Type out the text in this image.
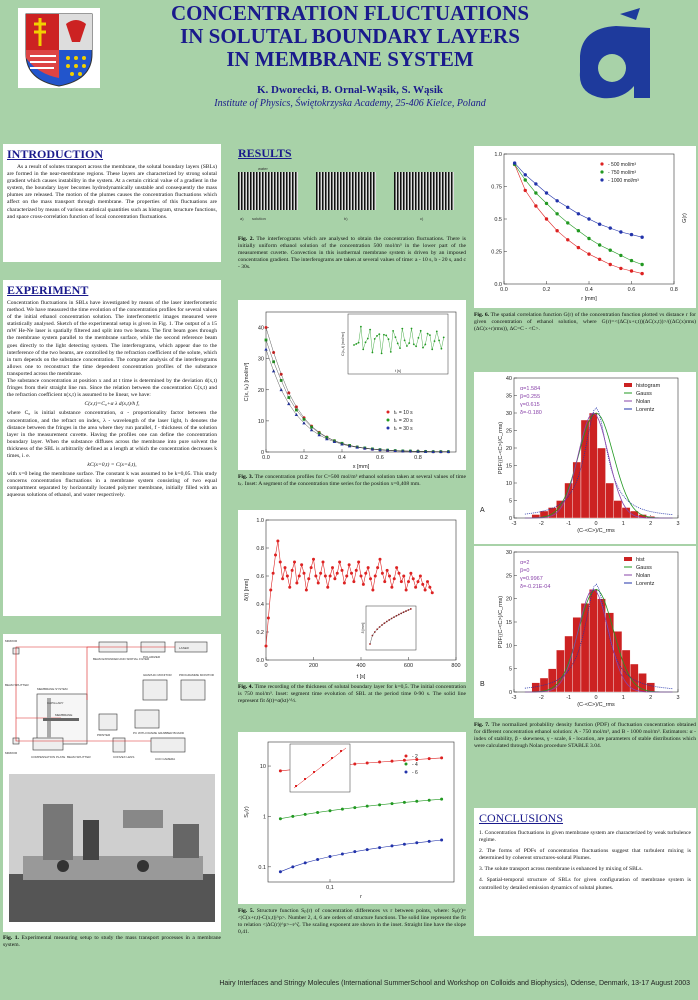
CONCENTRATION FLUCTUATIONS
IN SOLUTAL BOUNDARY LAYERS
IN MEMBRANE SYSTEM
K. Dworecki, B. Ornal-Wąsik, S. Wąsik
Institute of Physics, Świętokrzyska Academy, 25-406 Kielce, Poland
INTRODUCTION
As a result of solutes transport across the membrane, the solutal boundary layers (SBLs) are formed in the near-membrane regions. These layers are characterized by strong solutal gradient which causes instability in the system. At a certain critical value of a gradient in the system, the boundary layer becomes hydrodynamically unstable and consequently the mass plumes are released. The motion of the plumes causes the concentration fluctuations which affect on the mass transport through membrane. The properties of this fluctuations are characterized by means of various statistical quantities such as histogram, structure functions, and space cross-correlation function of local concentration fluctuations.
EXPERIMENT
Concentration fluctuations in SBLs have investigated by means of the laser interferometric method. We have measured the time evolution of the concentration profiles for several values of the initial ethanol concentration solution. The interferometric images measured were statistically analysed. Sketch of the experimental setup is given in Fig. 1. The output of a 15 mW He-Ne laser is spatially filtered and split into two beams. The first beam goes through the membrane system parallel to the membrane surface, while the second reference beam goes directly to the light detecting system. The interferograms, which appear due to the interference of the two beams, are controlled by the refraction coefficient of the solute, which in turn depends on the substance concentration. The computer analysis of the interferograms allows one to reconstruct the time dependent concentration profiles of the substance transported across the membrane.
The substance concentration at position x and at t time is determined by the deviation d(x,t) fringes from their straight line run. Since the relation between the concentration C(x,t) and the refraction coefficient n(x,t) is assumed to be linear, we have:
C(x,t)=C₀+α λ d(x,t)/h f,
where C₀ is initial substance concentration, α - proportionality factor between the concentration, and the refract on index, λ - wavelength of the laser light, h denotes the distance between the fringes in the area where they run parallel, f - thickness of the solution layer in the measurement cuvette. Having the profiles one can define the concentration boundary layer. When the substance diffuses across the membrane into pure solvent the thickness of the SBL is arbitrarily defined as a length at which the concentration decreases k times, i. e.
kC(x=0,t) = C(x=δ,t),
with x=0 being the membrane surface. The constant k was assumed to be k=0,05. This study concerns concentration fluctuations in a membrane system consisting of two equal compartment separated by horizontally located polymer membrane, initially filled with an aqueous solutions of ethanol, and water respectively.
LASER
POLARIZER
BEAM EXPANDER AND SPATIAL FILTER
MIRROR
BEAM SPLITTER
MEMBRANE SYSTEM
CAPILLARY
MEMBRANE
COMPENSATION PLATE
GRAPHIC MONITOR PROGRAMME MONITOR
PRINTER	PC WITH FRAME GRABBER BOARD
CONVEX LENS	CCD CAMERA
BEAM SPLITTER
MIRROR
Fig. 1. Experimental measuring setup to study the mass transport processes in a membrane system.
RESULTS
water
a) solution	b)	c)
Fig. 2. The interferograms which are analysed to obtain the concentration fluctuations. There is initially uniform ethanol solution of the concentration 500 mol/m³ in the lower part of the measurement cuvette. Convection in this isothermal membrane system is driven by an imposed concentration gradient. The interferograms are taken at several values of time: a - 10 s, b - 20 s, and c - 30s.
0.0	0.2	0.4	0.6	0.8
0
10
20
30
40
C(x, tₖ) [mol/m³]
x [mm]
tₖ = 10 s
tₖ = 20 s
tₖ = 30 s
C(x₀,t) [mol/m³]
t [s]
Fig. 3. The concentration profiles for C=500 mol/m³ ethanol solution taken at several values of time tₖ. Inset: A segment of the concentration time series for the position x=0,408 mm.
0	200	400	600	800
0.0
0.2
0.4
0.6
0.8
1.0
δ(t) [mm]
t [s]
δ [mm]
Fig. 4. Time recording of the thickness of solutal boundary layer for k=0,5. The initial concentration is 750 mol/m³. Inset: segment time evolution of SBL at the period time 0-90 s. The solid line represent fit δ(t)=α(kt)^½.
0,1
0.1
1
10
Sₚ(r)
r
- 2
- 4
- 6
Fig. 5. Structure function Sₚ(r) of concentration differences vs r between points, where: Sₚ(r)=<|C(x+r,t)-C(x,t)|^p>. Number 2, 4, 6 are orders of structure functions. The solid line represent the fit to relation <|ΔC(r)|^p>~r^ζ. The scaling exponent are shown in the inset. Straight line have the slope 0,41.
0.0	0.2	0.4	0.6	0.8
0.0
0.25
0.5
0.75
1.0
G(r)
r [mm]
- 500 mol/m³
- 750 mol/m³
- 1000 mol/m³
Fig. 6. The spatial correlation function G(r) of the concentration function plotted vs distance r for given concentration of ethanol solution, where G(r)=<(ΔC(x+r,t))(ΔC(x,t))>/((ΔC(x)rms)(ΔC(x+r)rms)), ΔC=C - <C>.
-3	-2	-1	0	1	2	3
0
5
10
15
20
25
30
35
40
PDF((C-<C>)/C_rms)
(C-<C>)/C_rms
A
histogram
Gauss
Nolan
Lorentz
α=1.584
β=0.255
γ=0.615
δ=-0.180
-3	-2	-1	0	1	2	3
0
5
10
15
20
25
30
PDF((C-<C>)/C_rms)
(C-<C>)/C_rms
B
hist
Gauss
Nolan
Lorentz
α=2
β=0
γ=0.9967
δ=-0.21E-04
Fig. 7. The normalized probability density function (PDF) of fluctuation concentration obtained for different concentration ethanol solution: A - 750 mol/m³, and B - 1000 mol/m³. Estimators: α - index of stability, β - skewness, γ - scale, δ - location, are parameters of stable distributions which were calculated through Nolan procedure STABLE 3.04.
CONCLUSIONS
1. Concentration fluctuations in given membrane system are characterized by weak turbulence regime.
2. The forms of PDFs of concentration fluctuations suggest that turbulent mixing is determined by coherent structures-solutal Plumes.
3. The solute transport across membrane is enhanced by mixing of SBLs.
4. Spatial-temporal structure of SBLs for given configuration of membrane system is controlled by detailed emission dynamics of solutal plumes.
Hairy Interfaces and Stringy Molecules (International SummerSchool and Workshop on Colloids and Biophysics), Odense, Denmark, 13-17 August 2003
